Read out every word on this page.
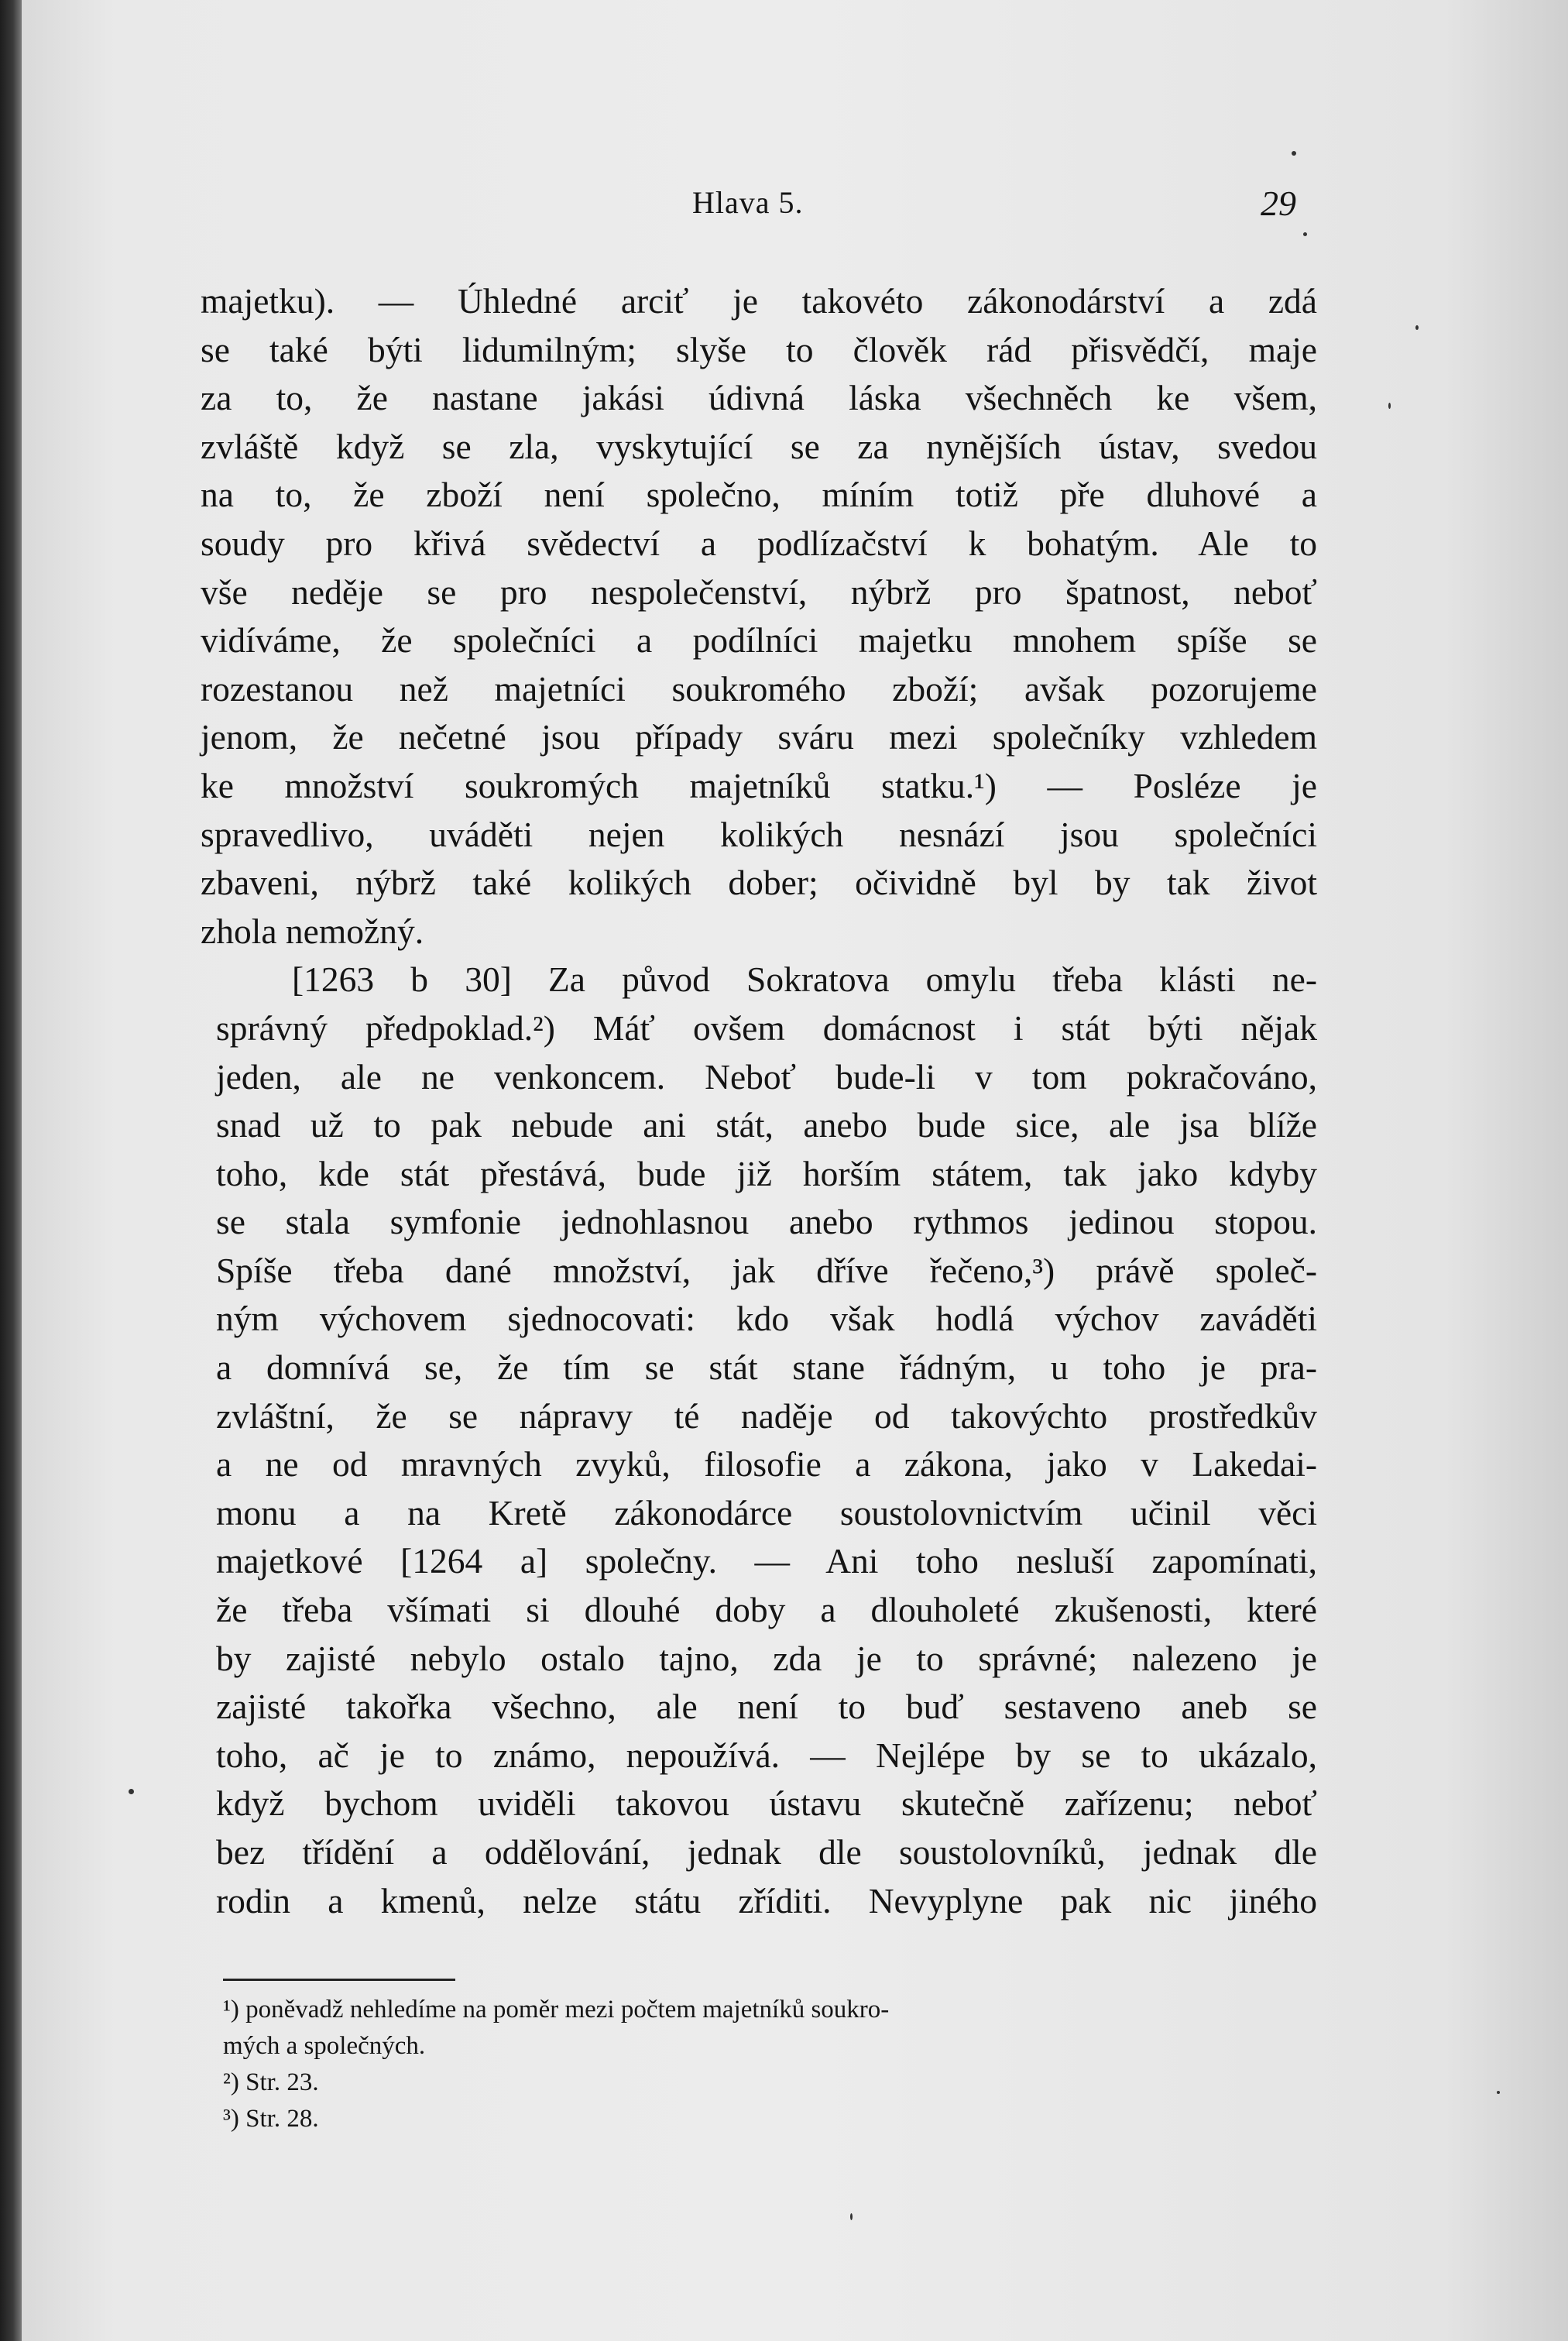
Hlava 5.	29
majetku). — Úhledné arciť je takovéto zákonodárství a zdá
se také býti lidumilným; slyše to člověk rád přisvědčí, maje
za to, že nastane jakási údivná láska všechněch ke všem,
zvláště když se zla, vyskytující se za nynějších ústav, svedou
na to, že zboží není společno, míním totiž pře dluhové a
soudy pro křivá svědectví a podlízačství k bohatým. Ale to
vše neděje se pro nespolečenství, nýbrž pro špatnost, neboť
vidíváme, že společníci a podílníci majetku mnohem spíše se
rozestanou než majetníci soukromého zboží; avšak pozorujeme
jenom, že nečetné jsou případy sváru mezi společníky vzhledem
ke množství soukromých majetníků statku.¹) — Posléze je
spravedlivo, uváděti nejen kolikých nesnází jsou společníci
zbaveni, nýbrž také kolikých dober; očividně byl by tak život
zhola nemožný.
[1263 b 30] Za původ Sokratova omylu třeba klásti ne-
správný předpoklad.²) Máť ovšem domácnost i stát býti nějak
jeden, ale ne venkoncem. Neboť bude-li v tom pokračováno,
snad už to pak nebude ani stát, anebo bude sice, ale jsa blíže
toho, kde stát přestává, bude již horším státem, tak jako kdyby
se stala symfonie jednohlasnou anebo rythmos jedinou stopou.
Spíše třeba dané množství, jak dříve řečeno,³) právě společ-
ným výchovem sjednocovati: kdo však hodlá výchov zaváděti
a domnívá se, že tím se stát stane řádným, u toho je pra-
zvláštní, že se nápravy té naděje od takovýchto prostředkův
a ne od mravných zvyků, filosofie a zákona, jako v Lakedai-
monu a na Kretě zákonodárce soustolovnictvím učinil věci
majetkové [1264 a] společny. — Ani toho nesluší zapomínati,
že třeba všímati si dlouhé doby a dlouholeté zkušenosti, které
by zajisté nebylo ostalo tajno, zda je to správné; nalezeno je
zajisté takořka všechno, ale není to buď sestaveno aneb se
toho, ač je to známo, nepoužívá. — Nejlépe by se to ukázalo,
když bychom uviděli takovou ústavu skutečně zařízenu; neboť
bez třídění a oddělování, jednak dle soustolovníků, jednak dle
rodin a kmenů, nelze státu zříditi. Nevyplyne pak nic jiného
¹) poněvadž nehledíme na poměr mezi počtem majetníků soukro-
mých a společných.
²) Str. 23.
³) Str. 28.
